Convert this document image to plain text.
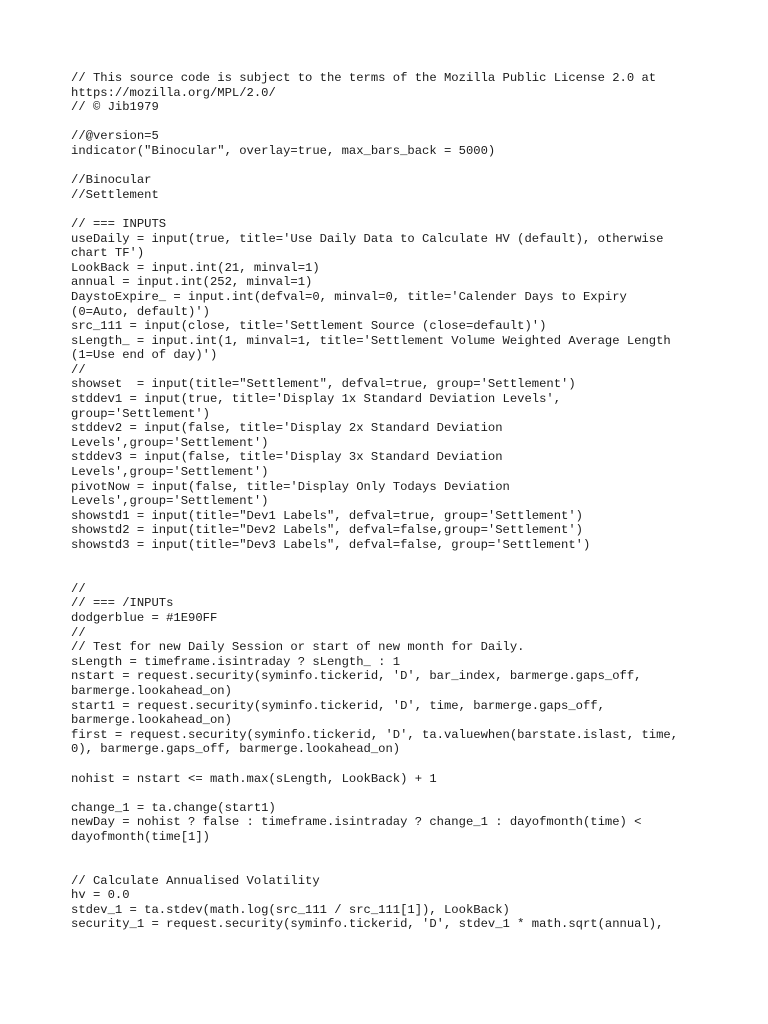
// This source code is subject to the terms of the Mozilla Public License 2.0 at
https://mozilla.org/MPL/2.0/
// © Jib1979
//@version=5
indicator("Binocular", overlay=true, max_bars_back = 5000)
//Binocular
//Settlement
// === INPUTS
useDaily = input(true, title='Use Daily Data to Calculate HV (default), otherwise
chart TF')
LookBack = input.int(21, minval=1)
annual = input.int(252, minval=1)
DaystoExpire_ = input.int(defval=0, minval=0, title='Calender Days to Expiry
(0=Auto, default)')
src_111 = input(close, title='Settlement Source (close=default)')
sLength_ = input.int(1, minval=1, title='Settlement Volume Weighted Average Length
(1=Use end of day)')
//
showset  = input(title="Settlement", defval=true, group='Settlement')
stddev1 = input(true, title='Display 1x Standard Deviation Levels',
group='Settlement')
stddev2 = input(false, title='Display 2x Standard Deviation
Levels',group='Settlement')
stddev3 = input(false, title='Display 3x Standard Deviation
Levels',group='Settlement')
pivotNow = input(false, title='Display Only Todays Deviation
Levels',group='Settlement')
showstd1 = input(title="Dev1 Labels", defval=true, group='Settlement')
showstd2 = input(title="Dev2 Labels", defval=false,group='Settlement')
showstd3 = input(title="Dev3 Labels", defval=false, group='Settlement')
//
// === /INPUTs
dodgerblue = #1E90FF
//
// Test for new Daily Session or start of new month for Daily.
sLength = timeframe.isintraday ? sLength_ : 1
nstart = request.security(syminfo.tickerid, 'D', bar_index, barmerge.gaps_off,
barmerge.lookahead_on)
start1 = request.security(syminfo.tickerid, 'D', time, barmerge.gaps_off,
barmerge.lookahead_on)
first = request.security(syminfo.tickerid, 'D', ta.valuewhen(barstate.islast, time,
0), barmerge.gaps_off, barmerge.lookahead_on)
nohist = nstart <= math.max(sLength, LookBack) + 1
change_1 = ta.change(start1)
newDay = nohist ? false : timeframe.isintraday ? change_1 : dayofmonth(time) <
dayofmonth(time[1])
// Calculate Annualised Volatility
hv = 0.0
stdev_1 = ta.stdev(math.log(src_111 / src_111[1]), LookBack)
security_1 = request.security(syminfo.tickerid, 'D', stdev_1 * math.sqrt(annual),
